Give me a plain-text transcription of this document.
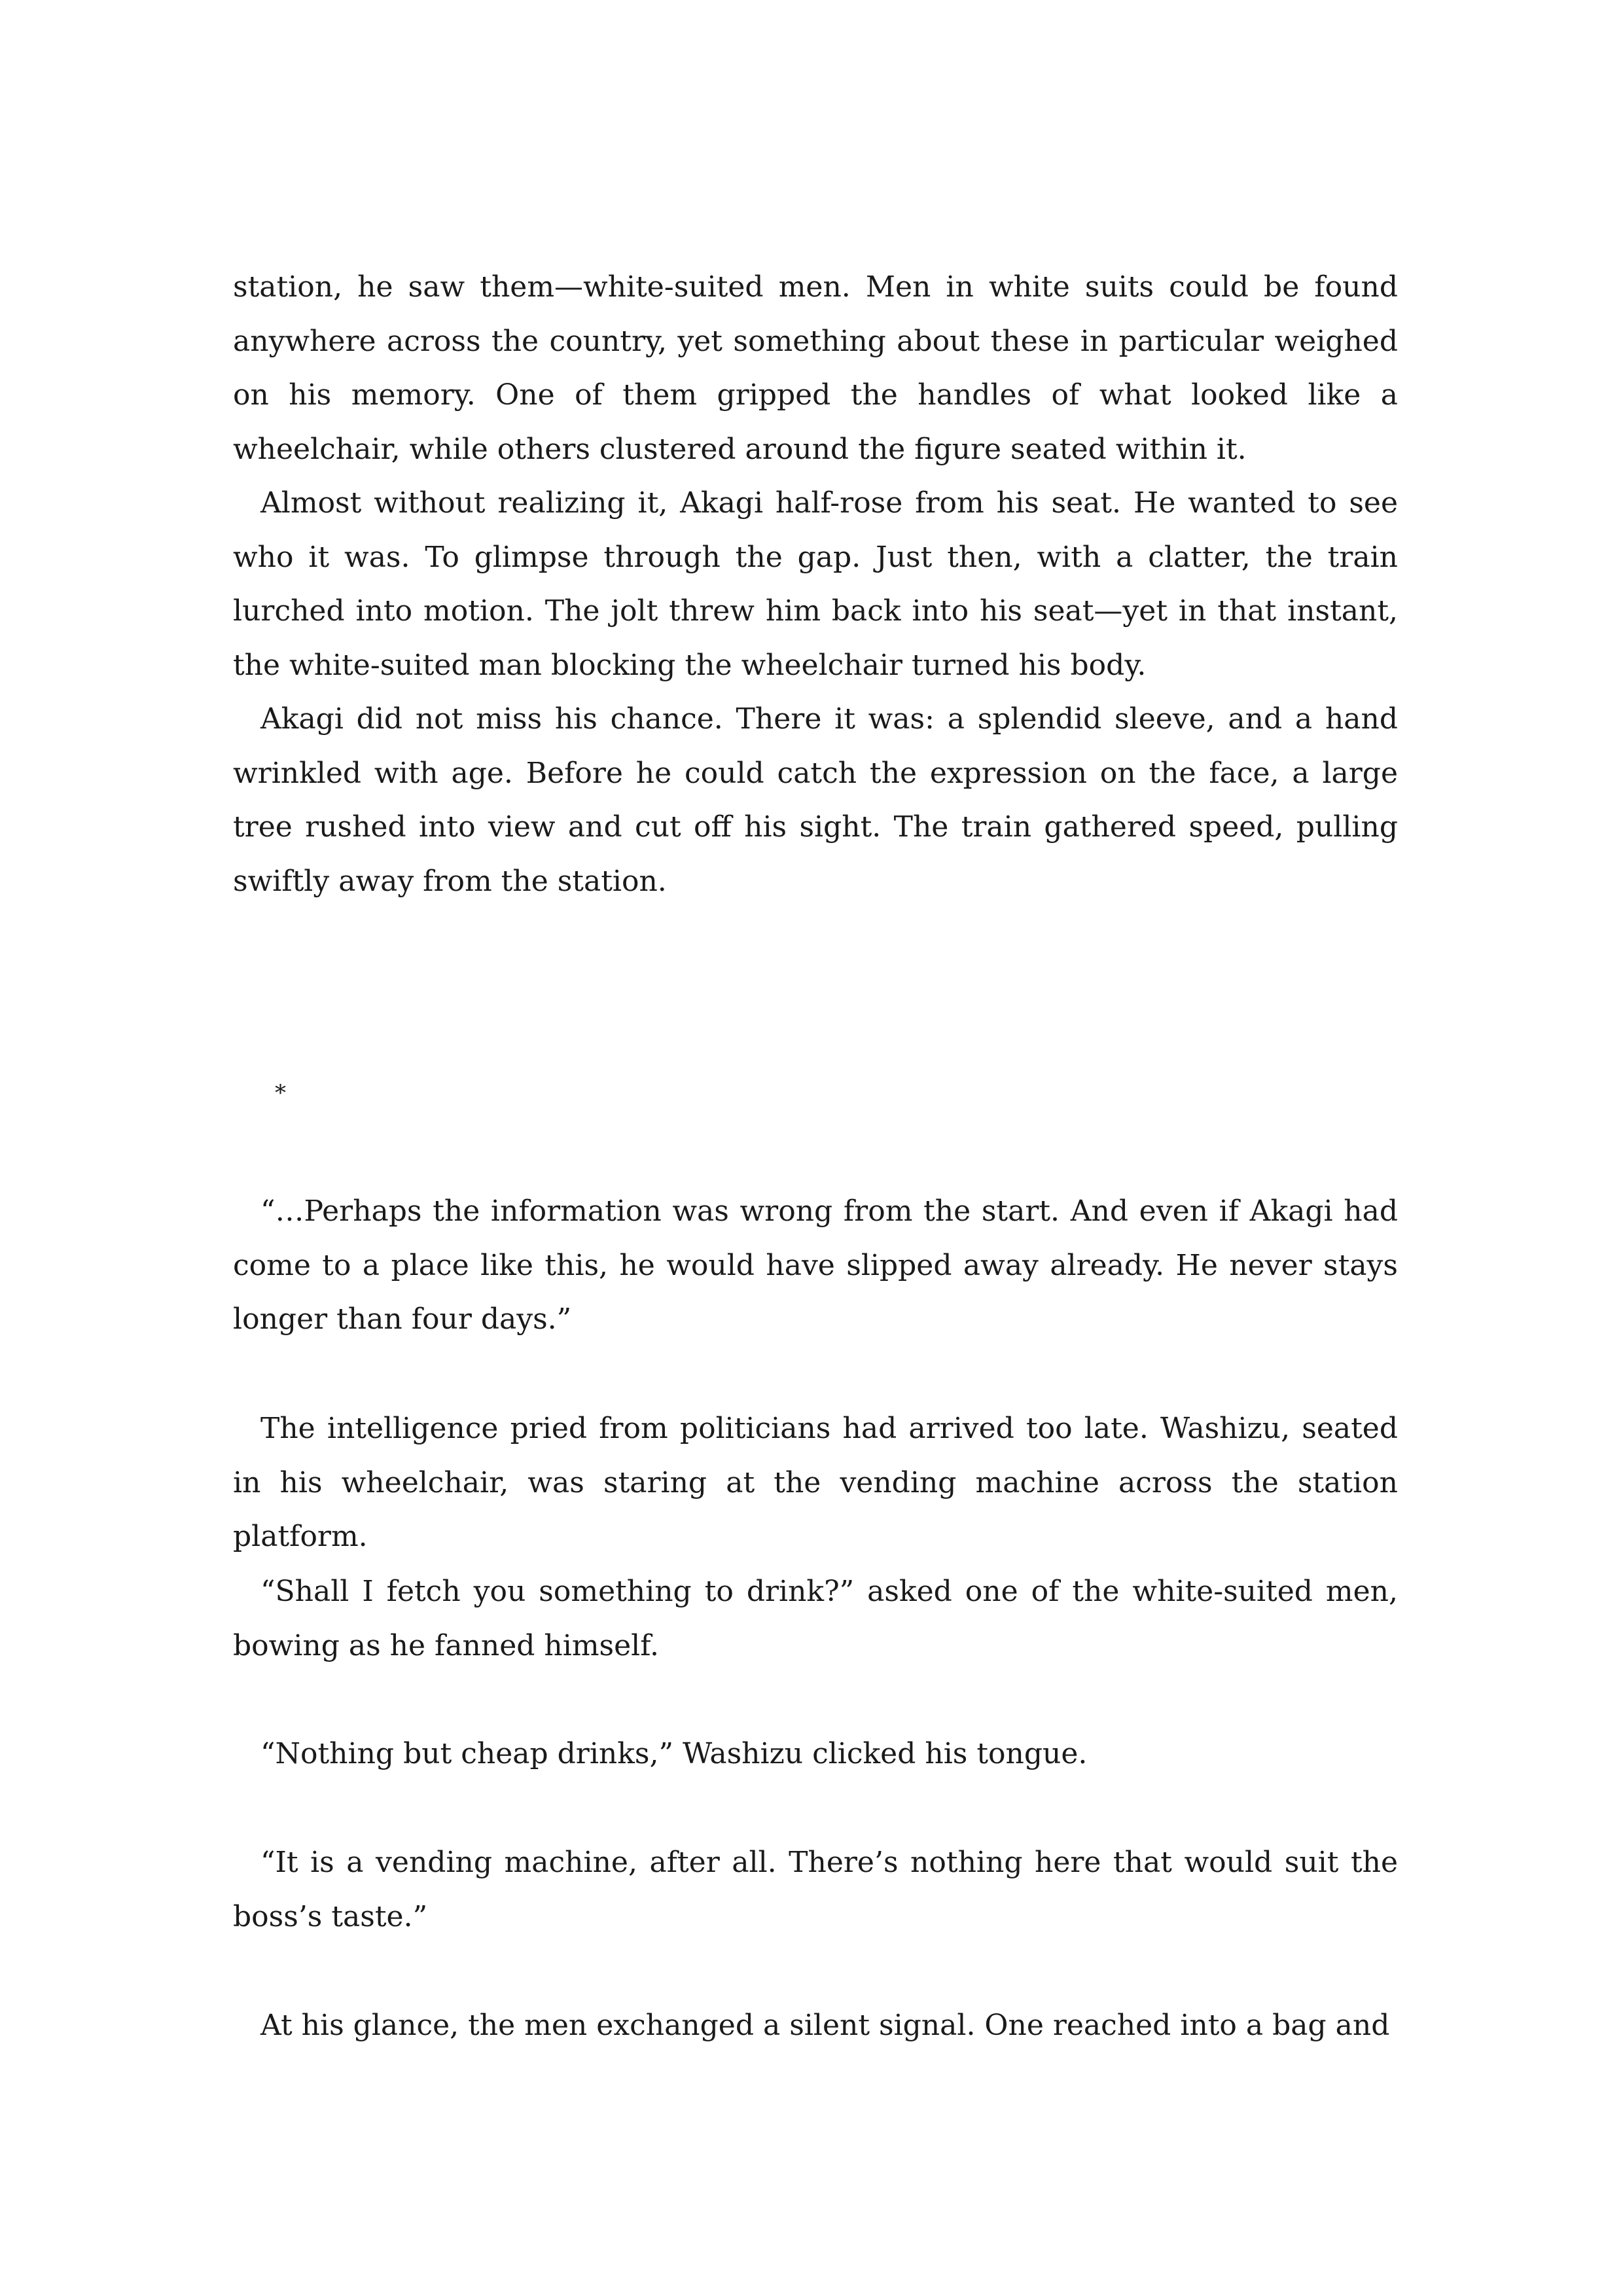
station, he saw them—white-suited men. Men in white suits could be found anywhere across the country, yet something about these in particular weighed on his memory. One of them gripped the handles of what looked like a wheelchair, while others clustered around the figure seated within it.

Almost without realizing it, Akagi half-rose from his seat. He wanted to see who it was. To glimpse through the gap. Just then, with a clatter, the train lurched into motion. The jolt threw him back into his seat—yet in that instant, the white-suited man blocking the wheelchair turned his body.

Akagi did not miss his chance. There it was: a splendid sleeve, and a hand wrinkled with age. Before he could catch the expression on the face, a large tree rushed into view and cut off his sight. The train gathered speed, pulling swiftly away from the station.

*

“…Perhaps the information was wrong from the start. And even if Akagi had come to a place like this, he would have slipped away already. He never stays longer than four days.”

The intelligence pried from politicians had arrived too late. Washizu, seated in his wheelchair, was staring at the vending machine across the station platform.

“Shall I fetch you something to drink?” asked one of the white-suited men, bowing as he fanned himself.

“Nothing but cheap drinks,” Washizu clicked his tongue.

“It is a vending machine, after all. There’s nothing here that would suit the boss’s taste.”

At his glance, the men exchanged a silent signal. One reached into a bag and
